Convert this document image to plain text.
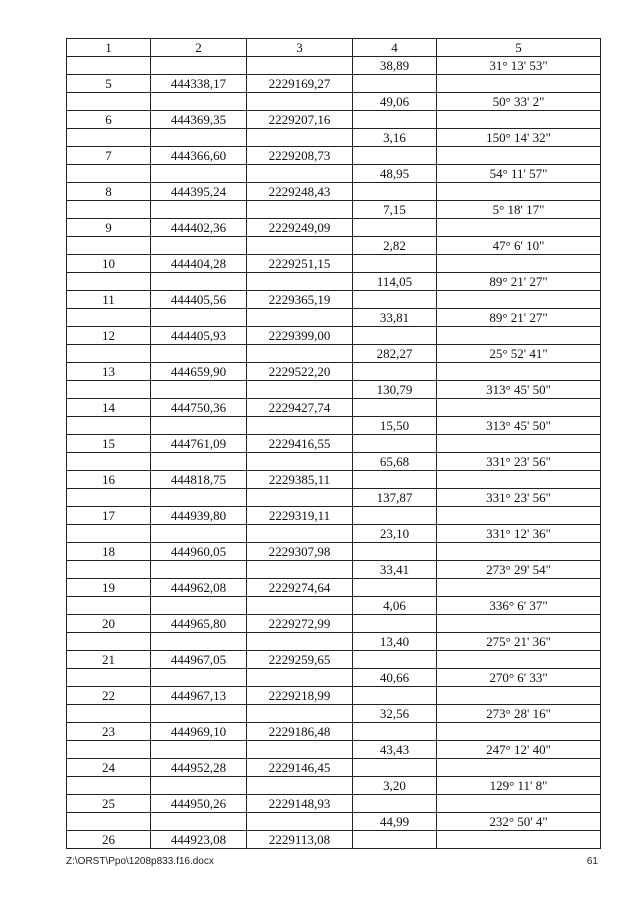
1	2	3	4	5
			38,89	31° 13' 53"
5	444338,17	2229169,27		
			49,06	50° 33' 2"
6	444369,35	2229207,16		
			3,16	150° 14' 32"
7	444366,60	2229208,73		
			48,95	54° 11' 57"
8	444395,24	2229248,43		
			7,15	5° 18' 17"
9	444402,36	2229249,09		
			2,82	47° 6' 10"
10	444404,28	2229251,15		
			114,05	89° 21' 27"
11	444405,56	2229365,19		
			33,81	89° 21' 27"
12	444405,93	2229399,00		
			282,27	25° 52' 41"
13	444659,90	2229522,20		
			130,79	313° 45' 50"
14	444750,36	2229427,74		
			15,50	313° 45' 50"
15	444761,09	2229416,55		
			65,68	331° 23' 56"
16	444818,75	2229385,11		
			137,87	331° 23' 56"
17	444939,80	2229319,11		
			23,10	331° 12' 36"
18	444960,05	2229307,98		
			33,41	273° 29' 54"
19	444962,08	2229274,64		
			4,06	336° 6' 37"
20	444965,80	2229272,99		
			13,40	275° 21' 36"
21	444967,05	2229259,65		
			40,66	270° 6' 33"
22	444967,13	2229218,99		
			32,56	273° 28' 16"
23	444969,10	2229186,48		
			43,43	247° 12' 40"
24	444952,28	2229146,45		
			3,20	129° 11' 8"
25	444950,26	2229148,93		
			44,99	232° 50' 4"
26	444923,08	2229113,08		
Z:\ORST\Ppo\1208p833.f16.docx	61
